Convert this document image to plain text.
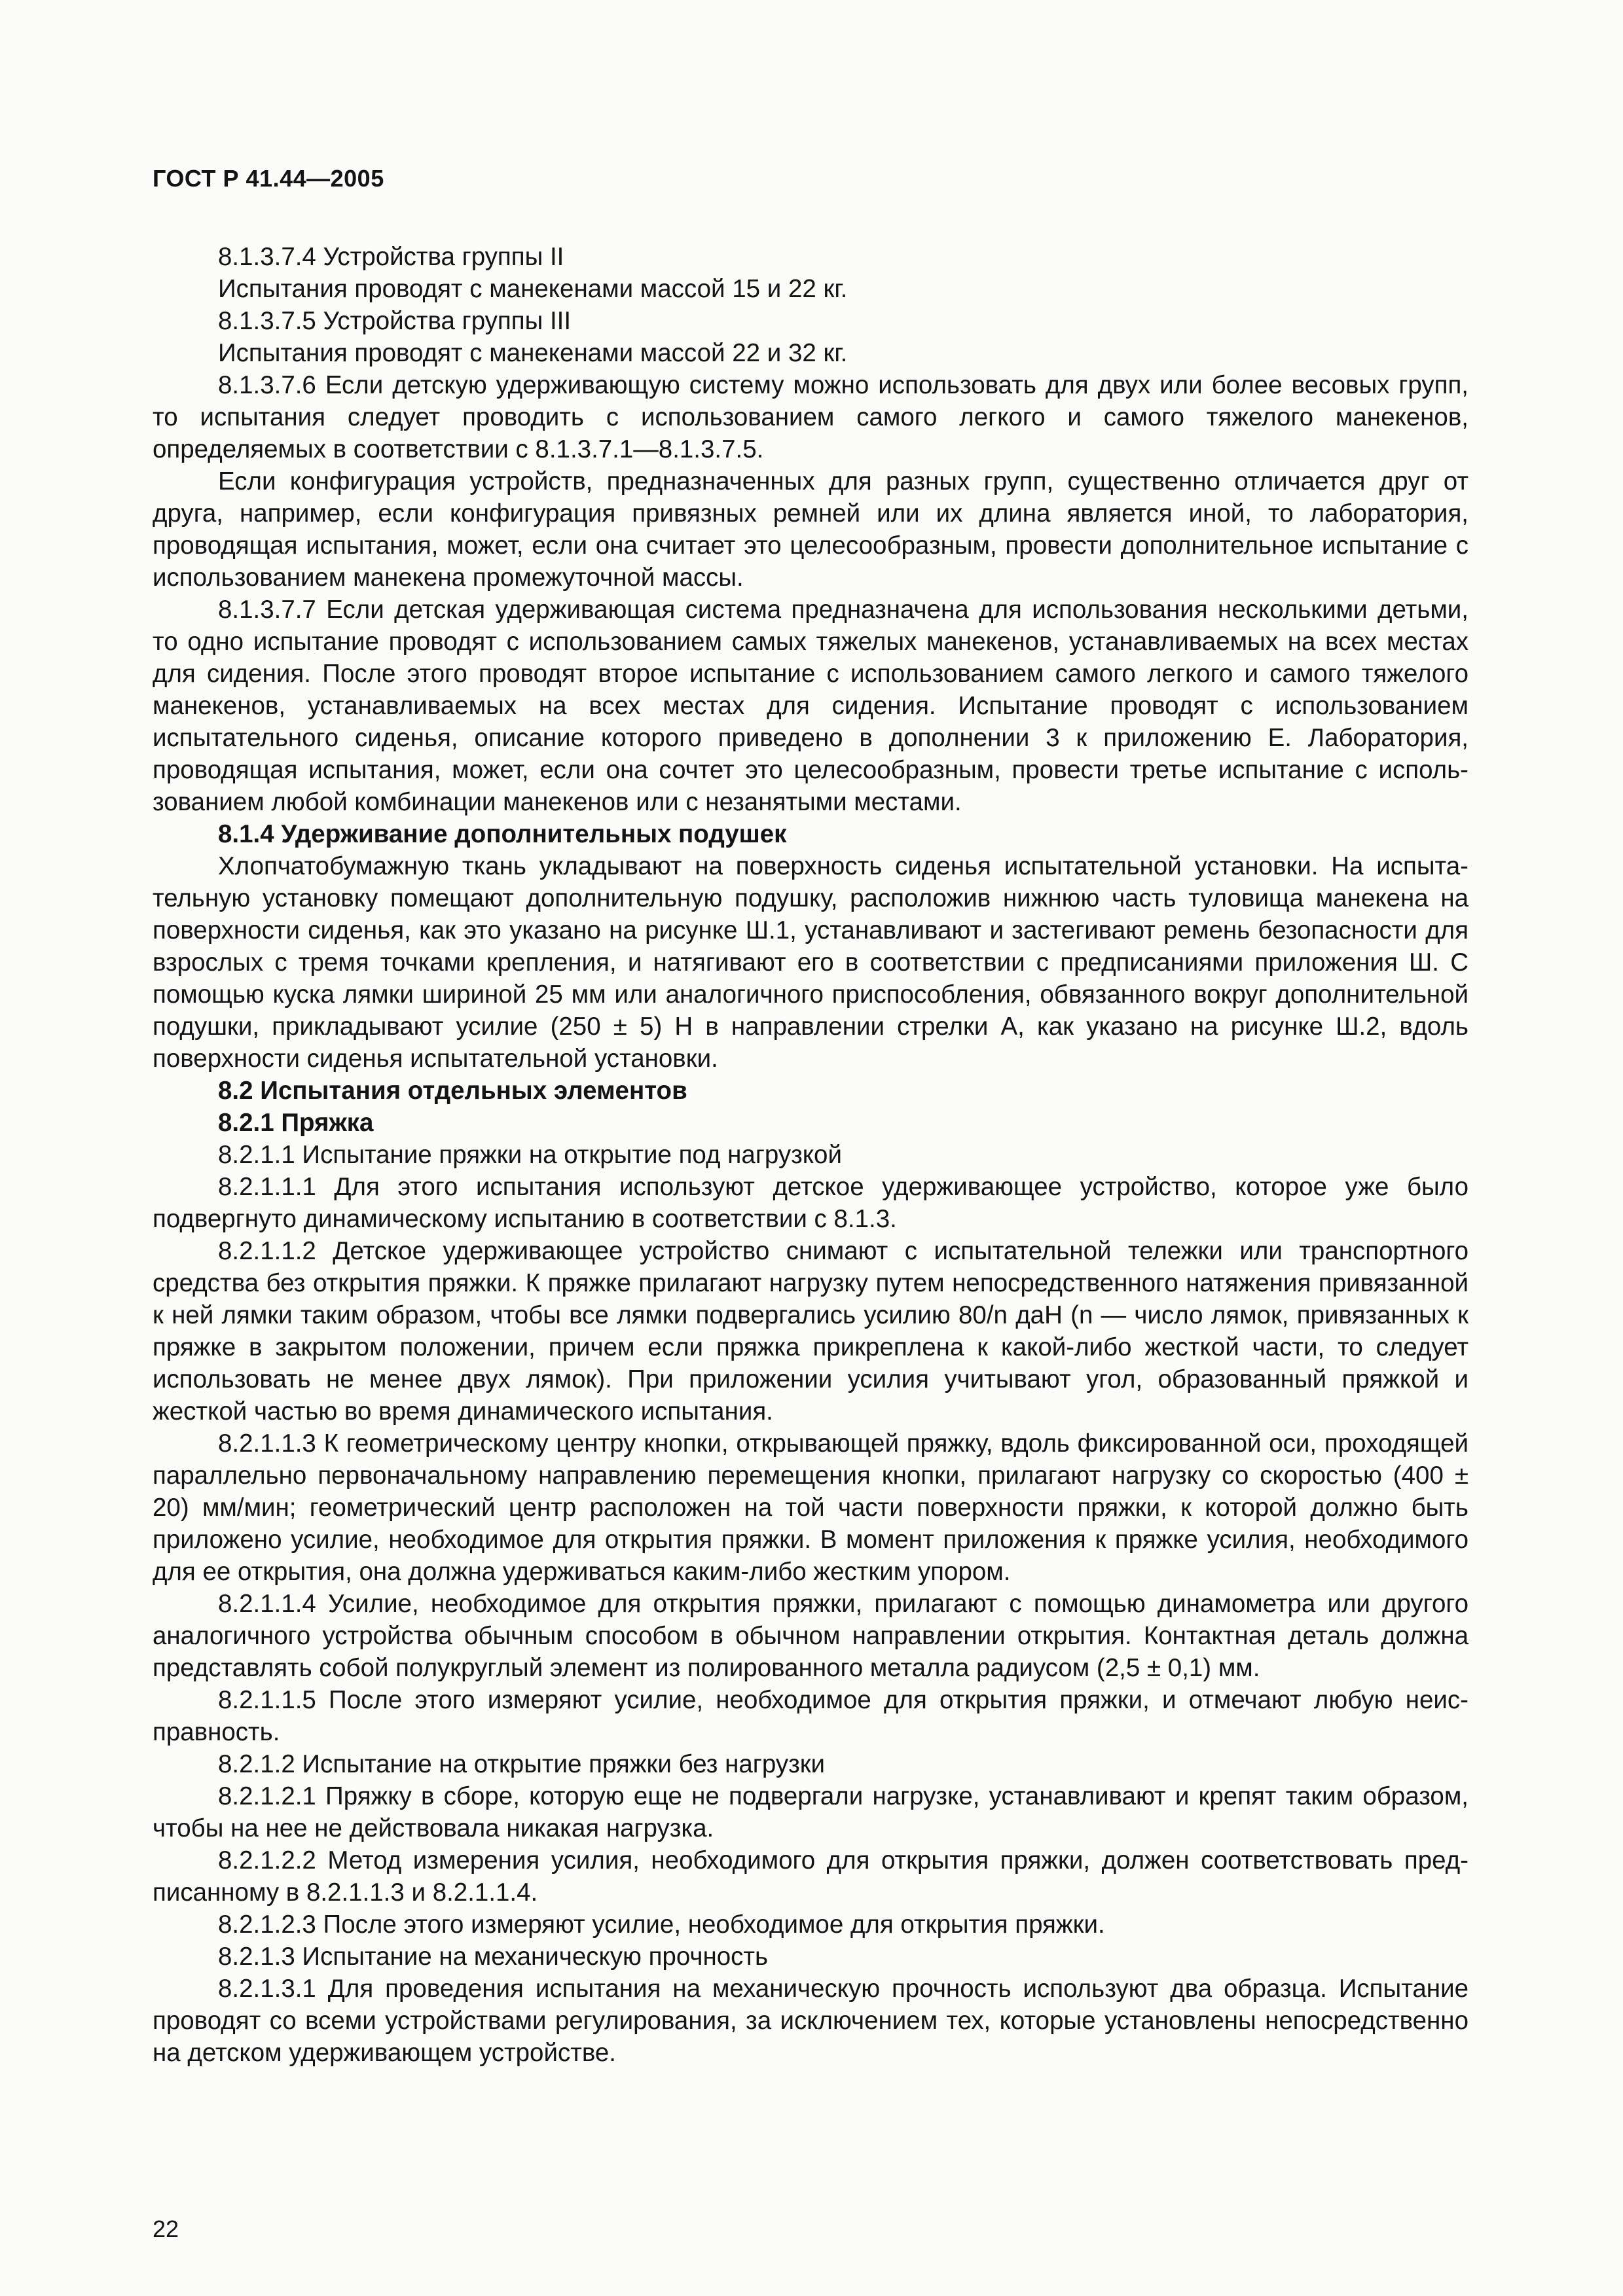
ГОСТ Р 41.44—2005

8.1.3.7.4 Устройства группы II

Испытания проводят с манекенами массой 15 и 22 кг.

8.1.3.7.5 Устройства группы III

Испытания проводят с манекенами массой 22 и 32 кг.

8.1.3.7.6 Если детскую удерживающую систему можно использовать для двух или более весовых групп, то испытания следует проводить с использованием самого легкого и самого тяжелого манекенов, определяемых в соответствии с 8.1.3.7.1—8.1.3.7.5.

Если конфигурация устройств, предназначенных для разных групп, существенно отличается друг от друга, например, если конфигурация привязных ремней или их длина является иной, то лаборатория, проводящая испытания, может, если она считает это целесообразным, провести дополнительное испытание с использованием манекена промежуточной массы.

8.1.3.7.7 Если детская удерживающая система предназначена для использования несколькими детьми, то одно испытание проводят с использованием самых тяжелых манекенов, устанавливаемых на всех местах для сидения. После этого проводят второе испытание с использованием самого легкого и самого тяжелого манекенов, устанавливаемых на всех местах для сидения. Испытание проводят с использованием испытательного сиденья, описание которого приведено в дополнении 3 к приложению Е. Лаборатория, проводящая испытания, может, если она сочтет это целесообразным, провести третье испытание с использованием любой комбинации манекенов или с незанятыми местами.

8.1.4 Удерживание дополнительных подушек

Хлопчатобумажную ткань укладывают на поверхность сиденья испытательной установки. На испытательную установку помещают дополнительную подушку, расположив нижнюю часть туловища манекена на поверхности сиденья, как это указано на рисунке Ш.1, устанавливают и застегивают ремень безопасности для взрослых с тремя точками крепления, и натягивают его в соответствии с предписаниями приложения Ш. С помощью куска лямки шириной 25 мм или аналогичного приспособления, обвязанного вокруг дополнительной подушки, прикладывают усилие (250 ± 5) Н в направлении стрелки A, как указано на рисунке Ш.2, вдоль поверхности сиденья испытательной установки.

8.2 Испытания отдельных элементов

8.2.1 Пряжка

8.2.1.1 Испытание пряжки на открытие под нагрузкой

8.2.1.1.1 Для этого испытания используют детское удерживающее устройство, которое уже было подвергнуто динамическому испытанию в соответствии с 8.1.3.

8.2.1.1.2 Детское удерживающее устройство снимают с испытательной тележки или транспортного средства без открытия пряжки. К пряжке прилагают нагрузку путем непосредственного натяжения привязанной к ней лямки таким образом, чтобы все лямки подвергались усилию 80/n даН (n — число лямок, привязанных к пряжке в закрытом положении, причем если пряжка прикреплена к какой-либо жесткой части, то следует использовать не менее двух лямок). При приложении усилия учитывают угол, образованный пряжкой и жесткой частью во время динамического испытания.

8.2.1.1.3 К геометрическому центру кнопки, открывающей пряжку, вдоль фиксированной оси, проходящей параллельно первоначальному направлению перемещения кнопки, прилагают нагрузку со скоростью (400 ± 20) мм/мин; геометрический центр расположен на той части поверхности пряжки, к которой должно быть приложено усилие, необходимое для открытия пряжки. В момент приложения к пряжке усилия, необходимого для ее открытия, она должна удерживаться каким-либо жестким упором.

8.2.1.1.4 Усилие, необходимое для открытия пряжки, прилагают с помощью динамометра или другого аналогичного устройства обычным способом в обычном направлении открытия. Контактная деталь должна представлять собой полукруглый элемент из полированного металла радиусом (2,5 ± 0,1) мм.

8.2.1.1.5 После этого измеряют усилие, необходимое для открытия пряжки, и отмечают любую неисправность.

8.2.1.2 Испытание на открытие пряжки без нагрузки

8.2.1.2.1 Пряжку в сборе, которую еще не подвергали нагрузке, устанавливают и крепят таким образом, чтобы на нее не действовала никакая нагрузка.

8.2.1.2.2 Метод измерения усилия, необходимого для открытия пряжки, должен соответствовать предписанному в 8.2.1.1.3 и 8.2.1.1.4.

8.2.1.2.3 После этого измеряют усилие, необходимое для открытия пряжки.

8.2.1.3 Испытание на механическую прочность

8.2.1.3.1 Для проведения испытания на механическую прочность используют два образца. Испытание проводят со всеми устройствами регулирования, за исключением тех, которые установлены непосредственно на детском удерживающем устройстве.

22
